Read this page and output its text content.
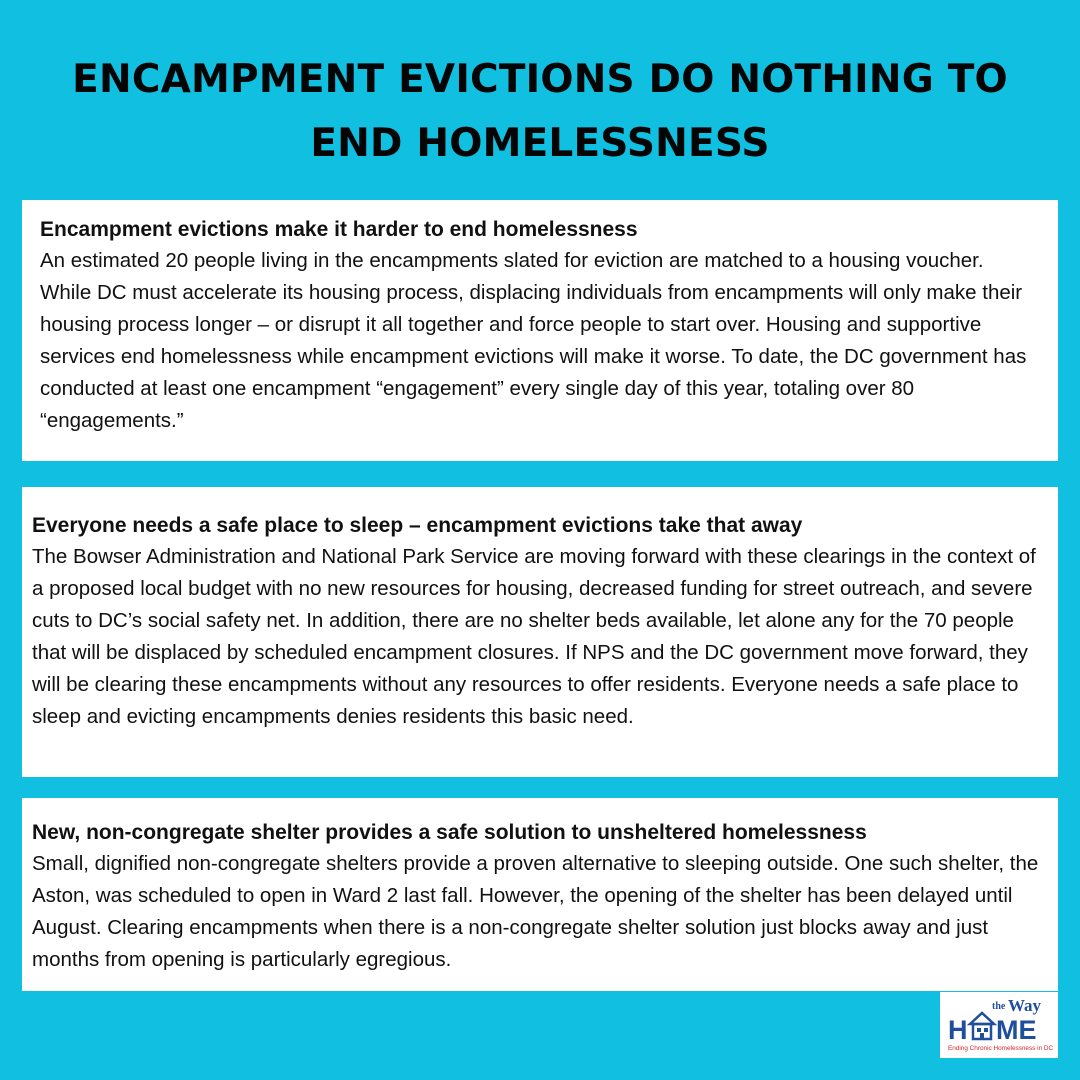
ENCAMPMENT EVICTIONS DO NOTHING TO END HOMELESSNESS
Encampment evictions make it harder to end homelessness

An estimated 20 people living in the encampments slated for eviction are matched to a housing voucher. While DC must accelerate its housing process, displacing individuals from encampments will only make their housing process longer – or disrupt it all together and force people to start over. Housing and supportive services end homelessness while encampment evictions will make it worse. To date, the DC government has conducted at least one encampment “engagement” every single day of this year, totaling over 80 “engagements.”

Everyone needs a safe place to sleep – encampment evictions take that away

The Bowser Administration and National Park Service are moving forward with these clearings in the context of a proposed local budget with no new resources for housing, decreased funding for street outreach, and severe cuts to DC’s social safety net. In addition, there are no shelter beds available, let alone any for the 70 people that will be displaced by scheduled encampment closures. If NPS and the DC government move forward, they will be clearing these encampments without any resources to offer residents. Everyone needs a safe place to sleep and evicting encampments denies residents this basic need.

New, non-congregate shelter provides a safe solution to unsheltered homelessness

Small, dignified non-congregate shelters provide a proven alternative to sleeping outside. One such shelter, the Aston, was scheduled to open in Ward 2 last fall. However, the opening of the shelter has been delayed until August. Clearing encampments when there is a non-congregate shelter solution just blocks away and just months from opening is particularly egregious.

the Way
H ME
Ending Chronic Homelessness in DC
